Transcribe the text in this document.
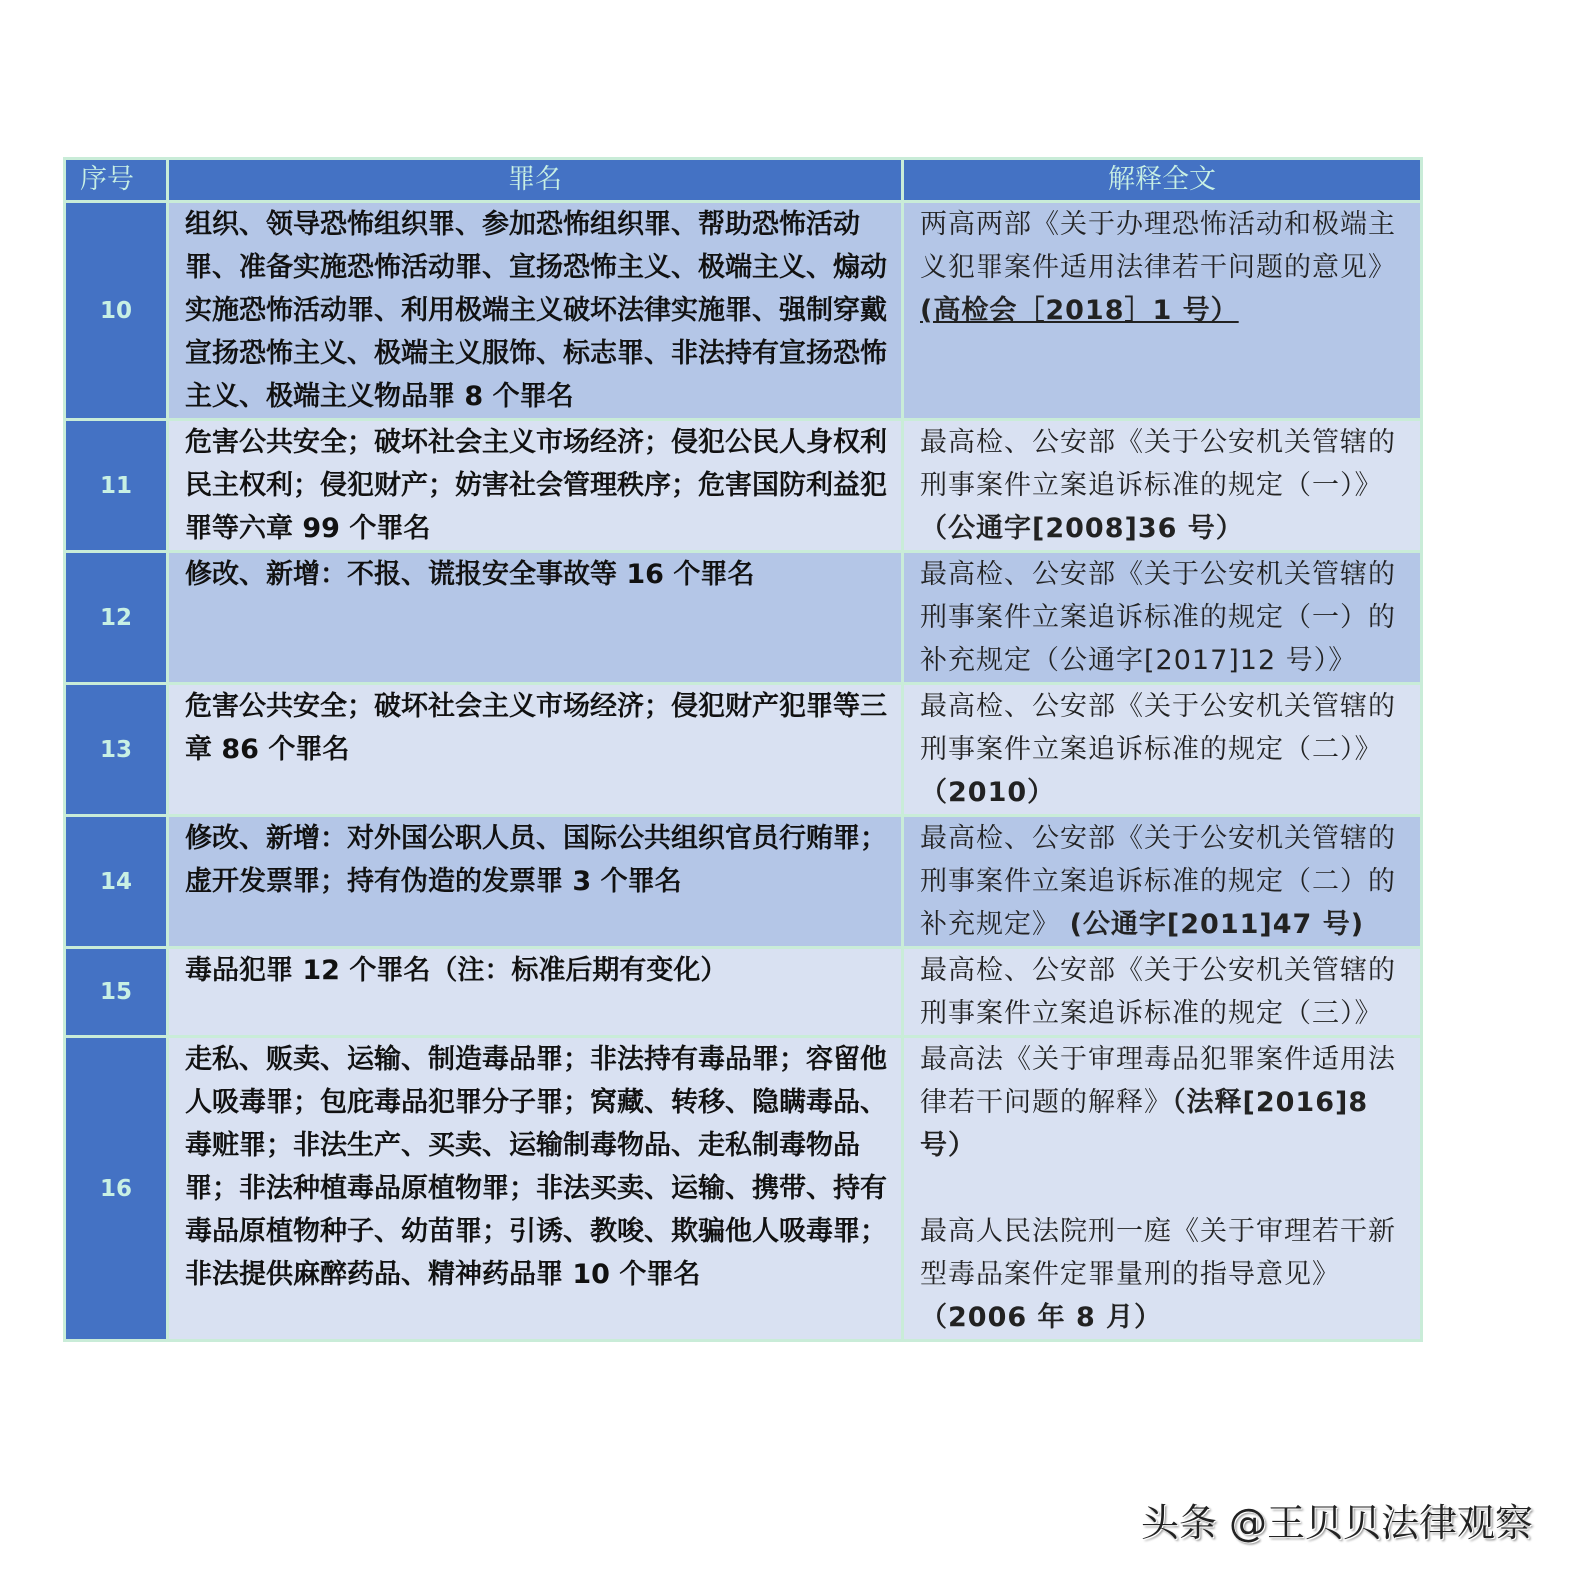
序号	罪名	解释全文
10	组织、领导恐怖组织罪、参加恐怖组织罪、帮助恐怖活动罪、准备实施恐怖活动罪、宣扬恐怖主义、极端主义、煽动实施恐怖活动罪、利用极端主义破坏法律实施罪、强制穿戴宣扬恐怖主义、极端主义服饰、标志罪、非法持有宣扬恐怖主义、极端主义物品罪 8 个罪名	两高两部《关于办理恐怖活动和极端主义犯罪案件适用法律若干问题的意见》
(高检会［2018］1 号）
11	危害公共安全；破坏社会主义市场经济；侵犯公民人身权利民主权利；侵犯财产；妨害社会管理秩序；危害国防利益犯罪等六章 99 个罪名	最高检、公安部《关于公安机关管辖的刑事案件立案追诉标准的规定（一）》
（公通字[2008]36 号）
12	修改、新增：不报、谎报安全事故等 16 个罪名	最高检、公安部《关于公安机关管辖的刑事案件立案追诉标准的规定（一）的补充规定（公通字[2017]12 号）》
13	危害公共安全；破坏社会主义市场经济；侵犯财产犯罪等三章 86 个罪名	最高检、公安部《关于公安机关管辖的刑事案件立案追诉标准的规定（二）》
（2010）
14	修改、新增：对外国公职人员、国际公共组织官员行贿罪；虚开发票罪；持有伪造的发票罪 3 个罪名	最高检、公安部《关于公安机关管辖的刑事案件立案追诉标准的规定（二）的补充规定》 (公通字[2011]47 号)
15	毒品犯罪 12 个罪名（注：标准后期有变化）	最高检、公安部《关于公安机关管辖的刑事案件立案追诉标准的规定（三）》
16	走私、贩卖、运输、制造毒品罪；非法持有毒品罪；容留他人吸毒罪；包庇毒品犯罪分子罪；窝藏、转移、隐瞒毒品、毒赃罪；非法生产、买卖、运输制毒物品、走私制毒物品罪；非法种植毒品原植物罪；非法买卖、运输、携带、持有毒品原植物种子、幼苗罪；引诱、教唆、欺骗他人吸毒罪；非法提供麻醉药品、精神药品罪 10 个罪名	最高法《关于审理毒品犯罪案件适用法律若干问题的解释》（法释[2016]8 号）
最高人民法院刑一庭《关于审理若干新型毒品案件定罪量刑的指导意见》
（2006 年 8 月）
头条 @王贝贝法律观察
